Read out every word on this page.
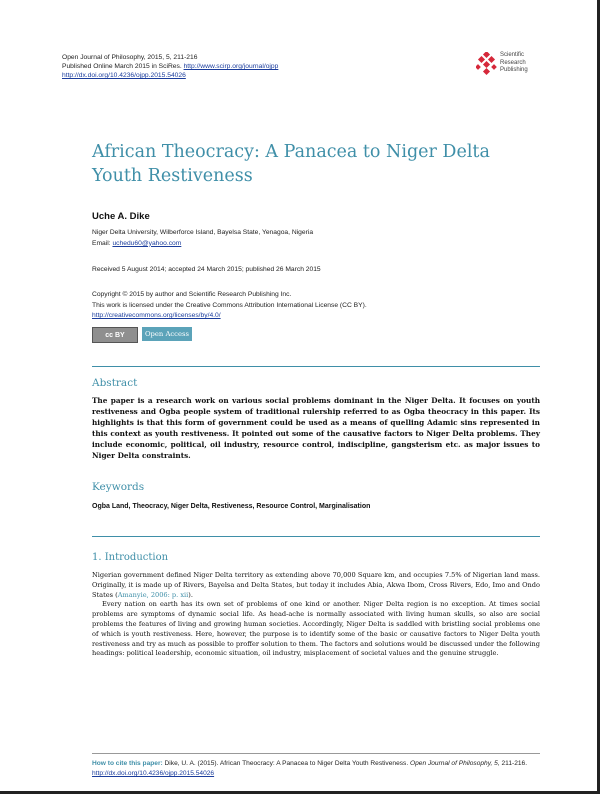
Open Journal of Philosophy, 2015, 5, 211-216
Published Online March 2015 in SciRes. http://www.scirp.org/journal/ojpp
http://dx.doi.org/10.4236/ojpp.2015.54026
Scientific
Research
Publishing
African Theocracy: A Panacea to Niger Delta
Youth Restiveness
Uche A. Dike
Niger Delta University, Wilberforce Island, Bayelsa State, Yenagoa, Nigeria
Email: uchedu60@yahoo.com
Received 5 August 2014; accepted 24 March 2015; published 26 March 2015
Copyright © 2015 by author and Scientific Research Publishing Inc.
This work is licensed under the Creative Commons Attribution International License (CC BY).
http://creativecommons.org/licenses/by/4.0/
cc BY	Open Access
Abstract

The paper is a research work on various social problems dominant in the Niger Delta. It focuses on youth restiveness and Ogba people system of traditional rulership referred to as Ogba theocracy in this paper. Its highlights is that this form of government could be used as a means of quelling Adamic sins represented in this context as youth restiveness. It pointed out some of the causative factors to Niger Delta problems. They include economic, political, oil industry, resource control, indiscipline, gangsterism etc. as major issues to Niger Delta constraints.

Keywords
Ogba Land, Theocracy, Niger Delta, Restiveness, Resource Control, Marginalisation
1. Introduction

Nigerian government defined Niger Delta territory as extending above 70,000 Square km, and occupies 7.5% of Nigerian land mass. Originally, it is made up of Rivers, Bayelsa and Delta States, but today it includes Abia, Akwa Ibom, Cross Rivers, Edo, Imo and Ondo States (Amanyie, 2006: p. xii).

Every nation on earth has its own set of problems of one kind or another. Niger Delta region is no exception. At times social problems are symptoms of dynamic social life. As head-ache is normally associated with living human skulls, so also are social problems the features of living and growing human societies. Accordingly, Niger Delta is saddled with bristling social problems one of which is youth restiveness. Here, however, the purpose is to identify some of the basic or causative factors to Niger Delta youth restiveness and try as much as possible to proffer solution to them. The factors and solutions would be discussed under the following headings: political leadership, economic situation, oil industry, misplacement of societal values and the genuine struggle.

How to cite this paper: Dike, U. A. (2015). African Theocracy: A Panacea to Niger Delta Youth Restiveness. Open Journal of Philosophy, 5, 211-216. http://dx.doi.org/10.4236/ojpp.2015.54026
